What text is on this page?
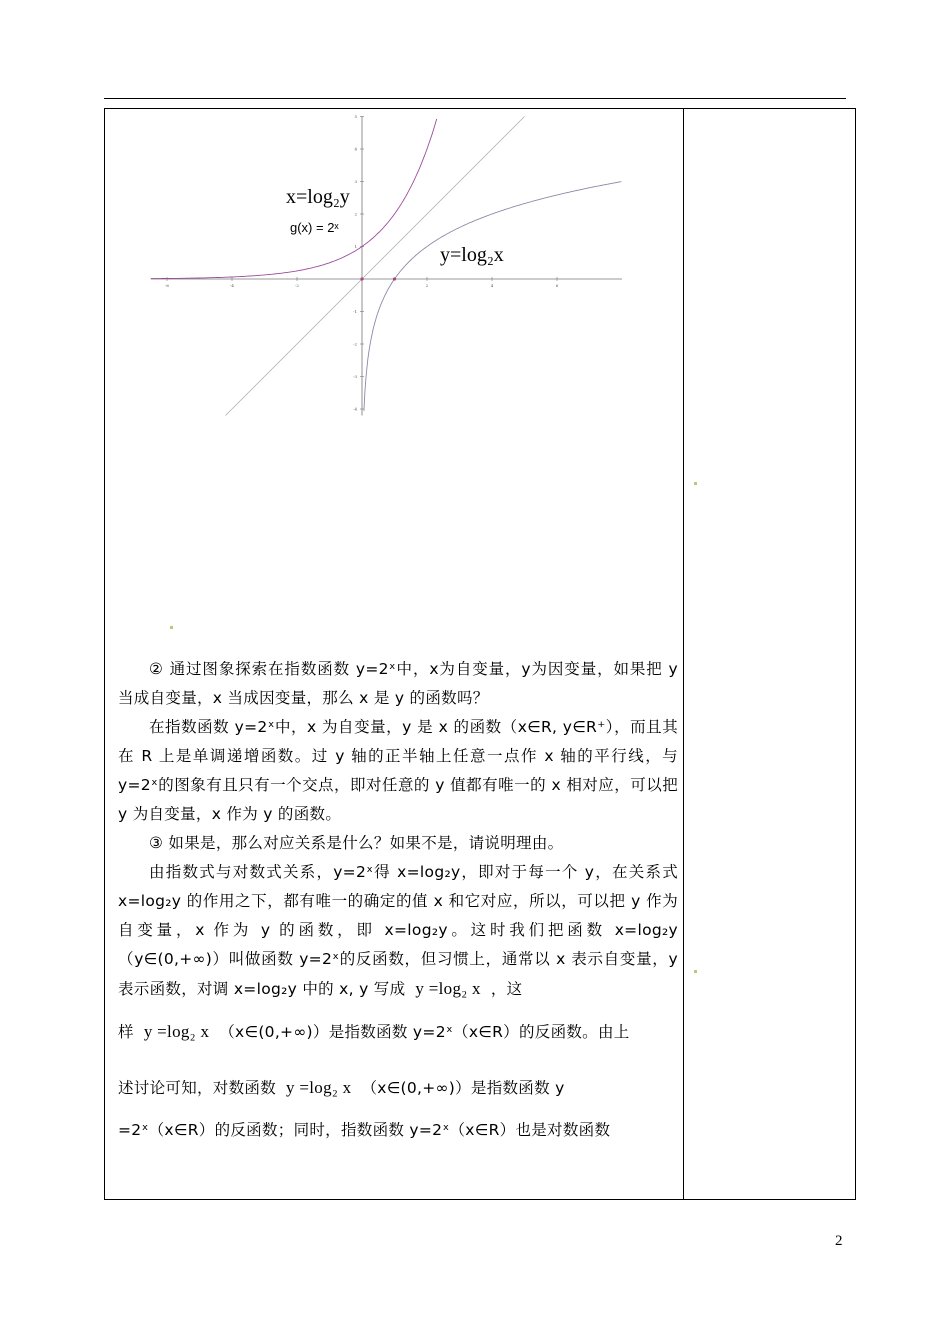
-6	-4	-2	2	4	6
-4
-3
-2
-1
1
2
3
4
5
x=log₂y
g(x) = 2ˣ
y=log₂x

② 通过图象探索在指数函数 y=2ˣ中，x为自变量，y为因变量，如果把 y 当成自变量，x 当成因变量，那么 x 是 y 的函数吗？

在指数函数 y=2ˣ中，x 为自变量，y 是 x 的函数（x∈R, y∈R⁺），而且其在 R 上是单调递增函数。过 y 轴的正半轴上任意一点作 x 轴的平行线，与 y=2ˣ的图象有且只有一个交点，即对任意的 y 值都有唯一的 x 相对应，可以把 y 为自变量，x 作为 y 的函数。

③ 如果是，那么对应关系是什么？如果不是，请说明理由。

由指数式与对数式关系，y=2ˣ得 x=log₂y，即对于每一个 y，在关系式 x=log₂y 的作用之下，都有唯一的确定的值 x 和它对应，所以，可以把 y 作为自变量，x 作为 y 的函数，即 x=log₂y。这时我们把函数 x=log₂y（y∈(0,+∞)）叫做函数 y=2ˣ的反函数，但习惯上，通常以 x 表示自变量，y 表示函数，对调 x=log₂y 中的 x, y 写成 y =log₂ x ，这

样 y =log₂ x （x∈(0,+∞)）是指数函数 y=2ˣ（x∈R）的反函数。由上

述讨论可知，对数函数 y =log₂ x （x∈(0,+∞)）是指数函数 y

=2ˣ（x∈R）的反函数；同时，指数函数 y=2ˣ（x∈R）也是对数函数

2
